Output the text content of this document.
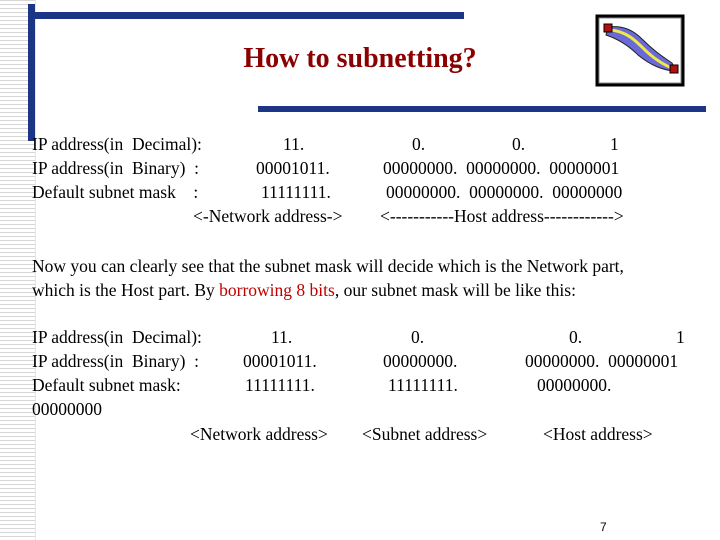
How to subnetting?
IP address(in  Decimal):	11.	0.	0.	1
IP address(in  Binary)  :	00001011.	00000000.  00000000.  00000001
Default subnet mask    :	11111111.	00000000.  00000000.  00000000
<-Network address-> <-----------Host address------------>
Now you can clearly see that the subnet mask will decide which is the Network part,
which is the Host part. By borrowing 8 bits, our subnet mask will be like this:
IP address(in  Decimal):	11.	0.	0.	1
IP address(in  Binary)  :	00001011.	00000000.	00000000.  00000001
Default subnet mask:	11111111.	11111111.	00000000.
00000000
<Network address> <Subnet address>	<Host address>
7
